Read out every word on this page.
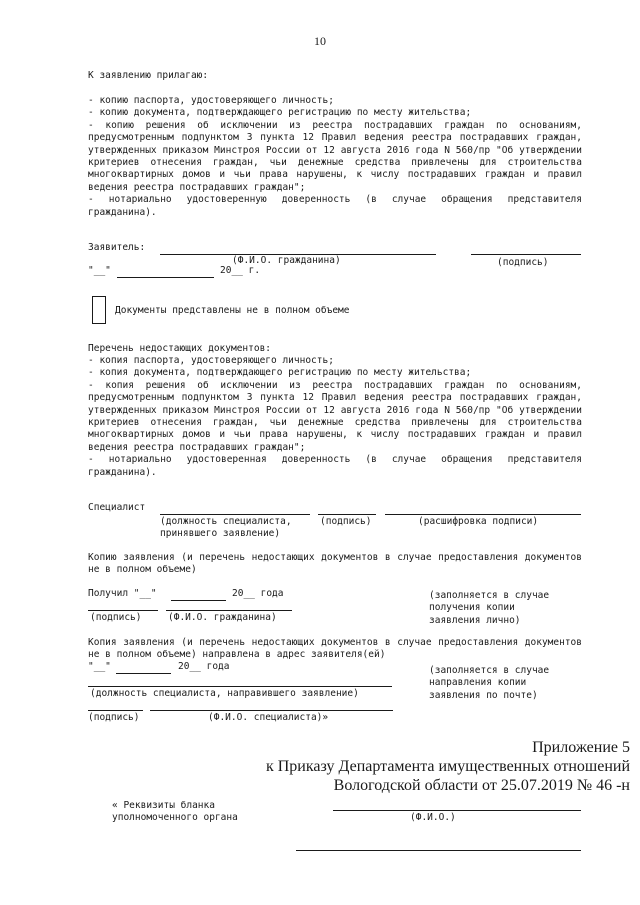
10
К заявлению прилагаю:
- копию паспорта, удостоверяющего личность;
- копию документа, подтверждающего регистрацию по месту жительства;
- копию решения об исключении из реестра пострадавших граждан по основаниям, предусмотренным подпунктом 3 пункта 12 Правил ведения реестра пострадавших граждан, утвержденных приказом Минстроя России от 12 августа 2016 года N 560/пр "Об утверждении критериев отнесения граждан, чьи денежные средства привлечены для строительства многоквартирных домов и чьи права нарушены, к числу пострадавших граждан и правил ведения реестра пострадавших граждан";
- нотариально удостоверенную доверенность (в случае обращения представителя гражданина).
Заявитель:
(Ф.И.О. гражданина)	(подпись)
"__"	20__ г.
Документы представлены не в полном объеме
Перечень недостающих документов:
- копия паспорта, удостоверяющего личность;
- копия документа, подтверждающего регистрацию по месту жительства;
- копия решения об исключении из реестра пострадавших граждан по основаниям, предусмотренным подпунктом 3 пункта 12 Правил ведения реестра пострадавших граждан, утвержденных приказом Минстроя России от 12 августа 2016 года N 560/пр "Об утверждении критериев отнесения граждан, чьи денежные средства привлечены для строительства многоквартирных домов и чьи права нарушены, к числу пострадавших граждан и правил ведения реестра пострадавших граждан";
- нотариально удостоверенная доверенность (в случае обращения представителя гражданина).
Специалист
(должность специалиста, принявшего заявление)
(подпись)	(расшифровка подписи)
Копию заявления (и перечень недостающих документов в случае предоставления документов не в полном объеме)
Получил "__"	20__ года
(подпись)	(Ф.И.О. гражданина)
(заполняется в случае получения копии заявления лично)
Копия заявления (и перечень недостающих документов в случае предоставления документов не в полном объеме) направлена в адрес заявителя(ей)
"__"	20__ года
(должность специалиста, направившего заявление)
(подпись)	(Ф.И.О. специалиста)»
(заполняется в случае направления копии заявления по почте)
Приложение 5
к Приказу Департамента имущественных отношений
Вологодской области от 25.07.2019 № 46 -н
« Реквизиты бланка уполномоченного органа	(Ф.И.О.)
